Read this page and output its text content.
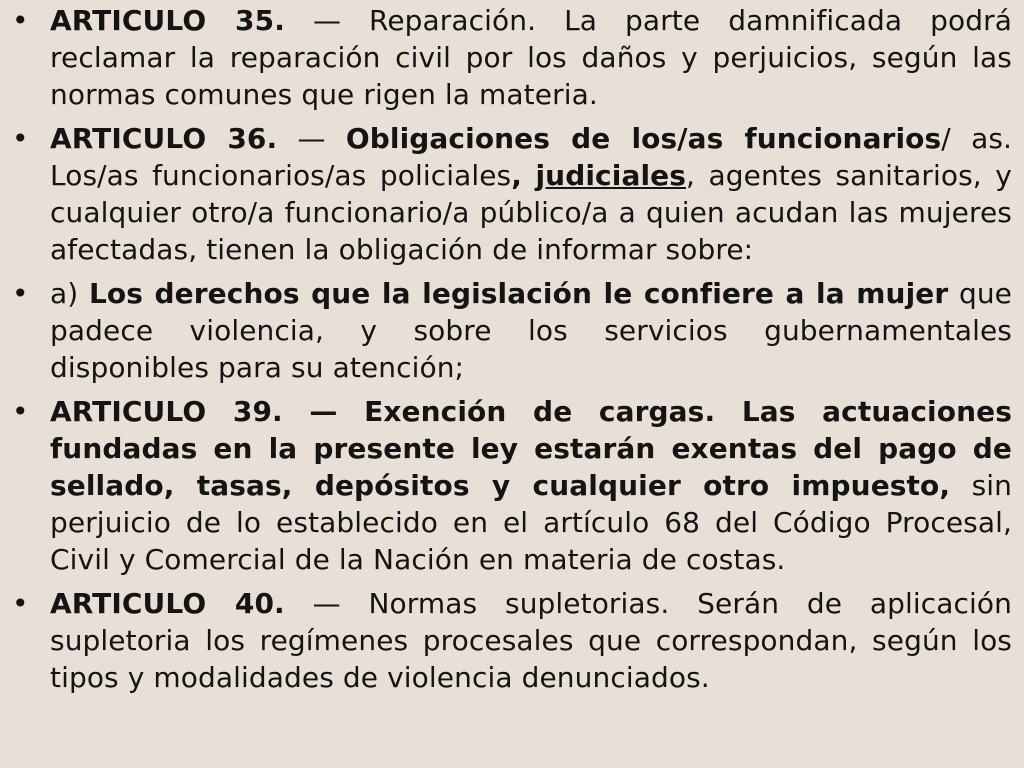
• ARTICULO 35. — Reparación. La parte damnificada podrá reclamar la reparación civil por los daños y perjuicios, según las normas comunes que rigen la materia.
• ARTICULO 36. — Obligaciones de los/as funcionarios/ as. Los/as funcionarios/as policiales, judiciales, agentes sanitarios, y cualquier otro/a funcionario/a público/a a quien acudan las mujeres afectadas, tienen la obligación de informar sobre:
• a) Los derechos que la legislación le confiere a la mujer que padece violencia, y sobre los servicios gubernamentales disponibles para su atención;
• ARTICULO 39. — Exención de cargas. Las actuaciones fundadas en la presente ley estarán exentas del pago de sellado, tasas, depósitos y cualquier otro impuesto, sin perjuicio de lo establecido en el artículo 68 del Código Procesal, Civil y Comercial de la Nación en materia de costas.
• ARTICULO 40. — Normas supletorias. Serán de aplicación supletoria los regímenes procesales que correspondan, según los tipos y modalidades de violencia denunciados.
